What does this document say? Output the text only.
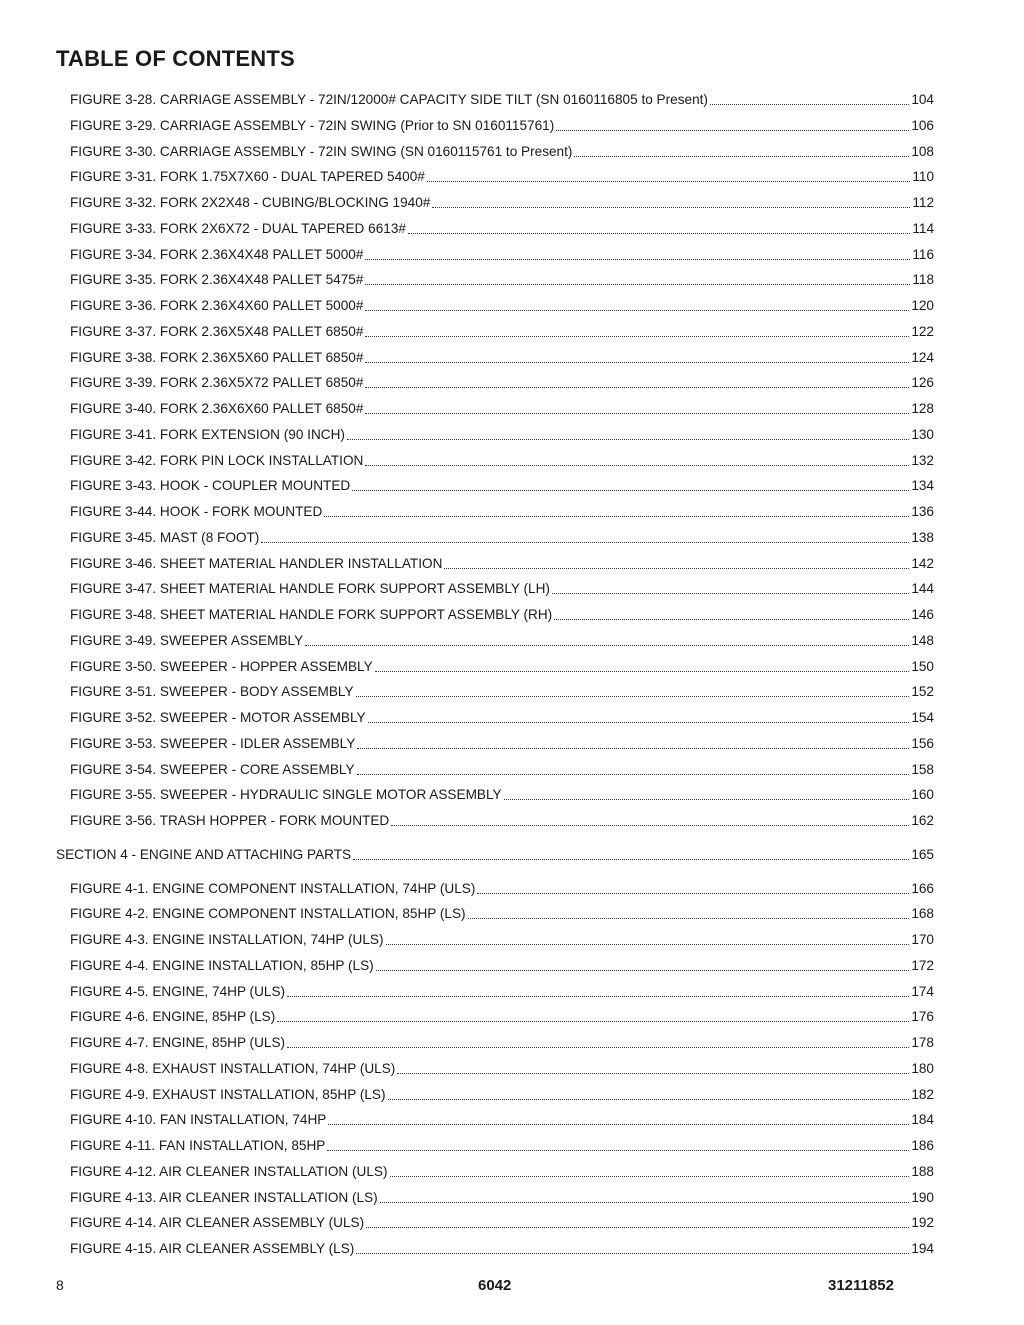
TABLE OF CONTENTS
FIGURE 3-28. CARRIAGE ASSEMBLY - 72IN/12000# CAPACITY SIDE TILT (SN 0160116805 to Present)	104
FIGURE 3-29. CARRIAGE ASSEMBLY - 72IN SWING (Prior to SN 0160115761)	106
FIGURE 3-30. CARRIAGE ASSEMBLY - 72IN SWING (SN 0160115761 to Present)	108
FIGURE 3-31. FORK 1.75X7X60 - DUAL TAPERED 5400#	110
FIGURE 3-32. FORK 2X2X48 - CUBING/BLOCKING 1940#	112
FIGURE 3-33. FORK 2X6X72 - DUAL TAPERED 6613#	114
FIGURE 3-34. FORK 2.36X4X48 PALLET 5000#	116
FIGURE 3-35. FORK 2.36X4X48 PALLET 5475#	118
FIGURE 3-36. FORK 2.36X4X60 PALLET 5000#	120
FIGURE 3-37. FORK 2.36X5X48 PALLET 6850#	122
FIGURE 3-38. FORK 2.36X5X60 PALLET 6850#	124
FIGURE 3-39. FORK 2.36X5X72 PALLET 6850#	126
FIGURE 3-40. FORK 2.36X6X60 PALLET 6850#	128
FIGURE 3-41. FORK EXTENSION (90 INCH)	130
FIGURE 3-42. FORK PIN LOCK INSTALLATION	132
FIGURE 3-43. HOOK - COUPLER MOUNTED	134
FIGURE 3-44. HOOK - FORK MOUNTED	136
FIGURE 3-45. MAST (8 FOOT)	138
FIGURE 3-46. SHEET MATERIAL HANDLER INSTALLATION	142
FIGURE 3-47. SHEET MATERIAL HANDLE FORK SUPPORT ASSEMBLY (LH)	144
FIGURE 3-48. SHEET MATERIAL HANDLE FORK SUPPORT ASSEMBLY (RH)	146
FIGURE 3-49. SWEEPER ASSEMBLY	148
FIGURE 3-50. SWEEPER - HOPPER ASSEMBLY	150
FIGURE 3-51. SWEEPER - BODY ASSEMBLY	152
FIGURE 3-52. SWEEPER - MOTOR ASSEMBLY	154
FIGURE 3-53. SWEEPER - IDLER ASSEMBLY	156
FIGURE 3-54. SWEEPER - CORE ASSEMBLY	158
FIGURE 3-55. SWEEPER - HYDRAULIC SINGLE MOTOR ASSEMBLY	160
FIGURE 3-56. TRASH HOPPER - FORK MOUNTED	162
SECTION 4 - ENGINE AND ATTACHING PARTS	165
FIGURE 4-1. ENGINE COMPONENT INSTALLATION, 74HP (ULS)	166
FIGURE 4-2. ENGINE COMPONENT INSTALLATION, 85HP (LS)	168
FIGURE 4-3. ENGINE INSTALLATION, 74HP (ULS)	170
FIGURE 4-4. ENGINE INSTALLATION, 85HP (LS)	172
FIGURE 4-5. ENGINE, 74HP (ULS)	174
FIGURE 4-6. ENGINE, 85HP (LS)	176
FIGURE 4-7. ENGINE, 85HP (ULS)	178
FIGURE 4-8. EXHAUST INSTALLATION, 74HP (ULS)	180
FIGURE 4-9. EXHAUST INSTALLATION, 85HP (LS)	182
FIGURE 4-10. FAN INSTALLATION, 74HP	184
FIGURE 4-11. FAN INSTALLATION, 85HP	186
FIGURE 4-12. AIR CLEANER INSTALLATION (ULS)	188
FIGURE 4-13. AIR CLEANER INSTALLATION (LS)	190
FIGURE 4-14. AIR CLEANER ASSEMBLY (ULS)	192
FIGURE 4-15. AIR CLEANER ASSEMBLY (LS)	194
8	6042	31211852
